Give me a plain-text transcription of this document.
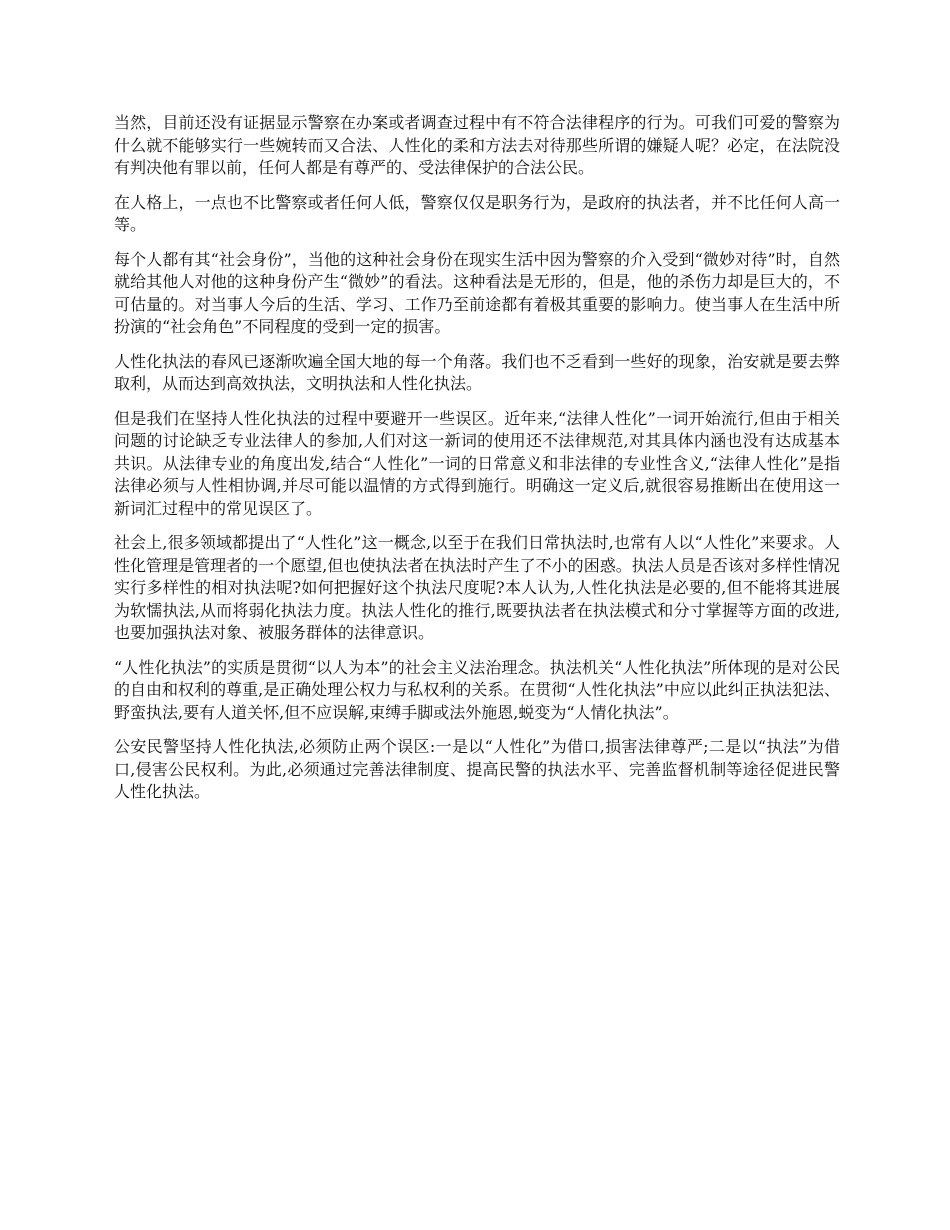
当然，目前还没有证据显示警察在办案或者调查过程中有不符合法律程序的行为。可我们可爱的警察为什么就不能够实行一些婉转而又合法、人性化的柔和方法去对待那些所谓的嫌疑人呢？必定，在法院没有判决他有罪以前，任何人都是有尊严的、受法律保护的合法公民。

在人格上，一点也不比警察或者任何人低，警察仅仅是职务行为，是政府的执法者，并不比任何人高一等。

每个人都有其“社会身份”，当他的这种社会身份在现实生活中因为警察的介入受到“微妙对待”时，自然就给其他人对他的这种身份产生“微妙”的看法。这种看法是无形的，但是，他的杀伤力却是巨大的，不可估量的。对当事人今后的生活、学习、工作乃至前途都有着极其重要的影响力。使当事人在生活中所扮演的“社会角色”不同程度的受到一定的损害。

人性化执法的春风已逐渐吹遍全国大地的每一个角落。我们也不乏看到一些好的现象，治安就是要去弊取利，从而达到高效执法，文明执法和人性化执法。

但是我们在坚持人性化执法的过程中要避开一些误区。近年来,“法律人性化”一词开始流行,但由于相关问题的讨论缺乏专业法律人的参加,人们对这一新词的使用还不法律规范,对其具体内涵也没有达成基本共识。从法律专业的角度出发,结合“人性化”一词的日常意义和非法律的专业性含义,“法律人性化”是指法律必须与人性相协调,并尽可能以温情的方式得到施行。明确这一定义后,就很容易推断出在使用这一新词汇过程中的常见误区了。

社会上,很多领域都提出了“人性化”这一概念,以至于在我们日常执法时,也常有人以“人性化”来要求。人性化管理是管理者的一个愿望,但也使执法者在执法时产生了不小的困惑。执法人员是否该对多样性情况实行多样性的相对执法呢?如何把握好这个执法尺度呢?本人认为,人性化执法是必要的,但不能将其进展为软懦执法,从而将弱化执法力度。执法人性化的推行,既要执法者在执法模式和分寸掌握等方面的改进,也要加强执法对象、被服务群体的法律意识。

“人性化执法”的实质是贯彻“以人为本”的社会主义法治理念。执法机关“人性化执法”所体现的是对公民的自由和权利的尊重,是正确处理公权力与私权利的关系。在贯彻“人性化执法”中应以此纠正执法犯法、野蛮执法,要有人道关怀,但不应误解,束缚手脚或法外施恩,蜕变为“人情化执法”。

公安民警坚持人性化执法,必须防止两个误区:一是以“人性化”为借口,损害法律尊严;二是以“执法”为借口,侵害公民权利。为此,必须通过完善法律制度、提高民警的执法水平、完善监督机制等途径促进民警人性化执法。
